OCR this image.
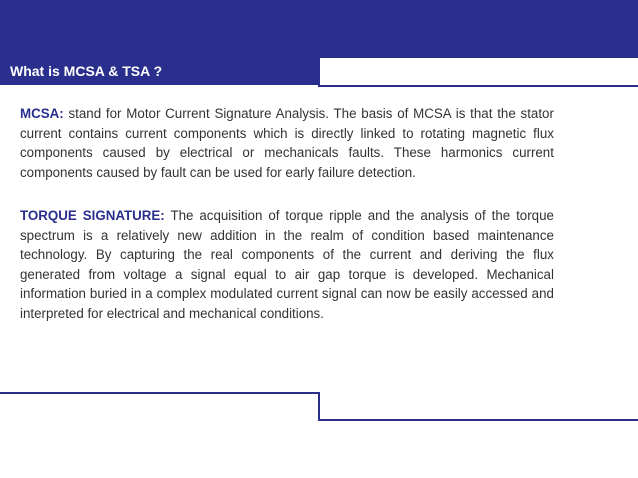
What is MCSA & TSA ?

MCSA: stand for Motor Current Signature Analysis. The basis of MCSA is that the stator current contains current components which is directly linked to rotating magnetic flux components caused by electrical or mechanicals faults. These harmonics current components caused by fault can be used for early failure detection.

TORQUE SIGNATURE: The acquisition of torque ripple and the analysis of the torque spectrum is a relatively new addition in the realm of condition based maintenance technology. By capturing the real components of the current and deriving the flux generated from voltage a signal equal to air gap torque is developed. Mechanical information buried in a complex modulated current signal can now be easily accessed and interpreted for electrical and mechanical conditions.
